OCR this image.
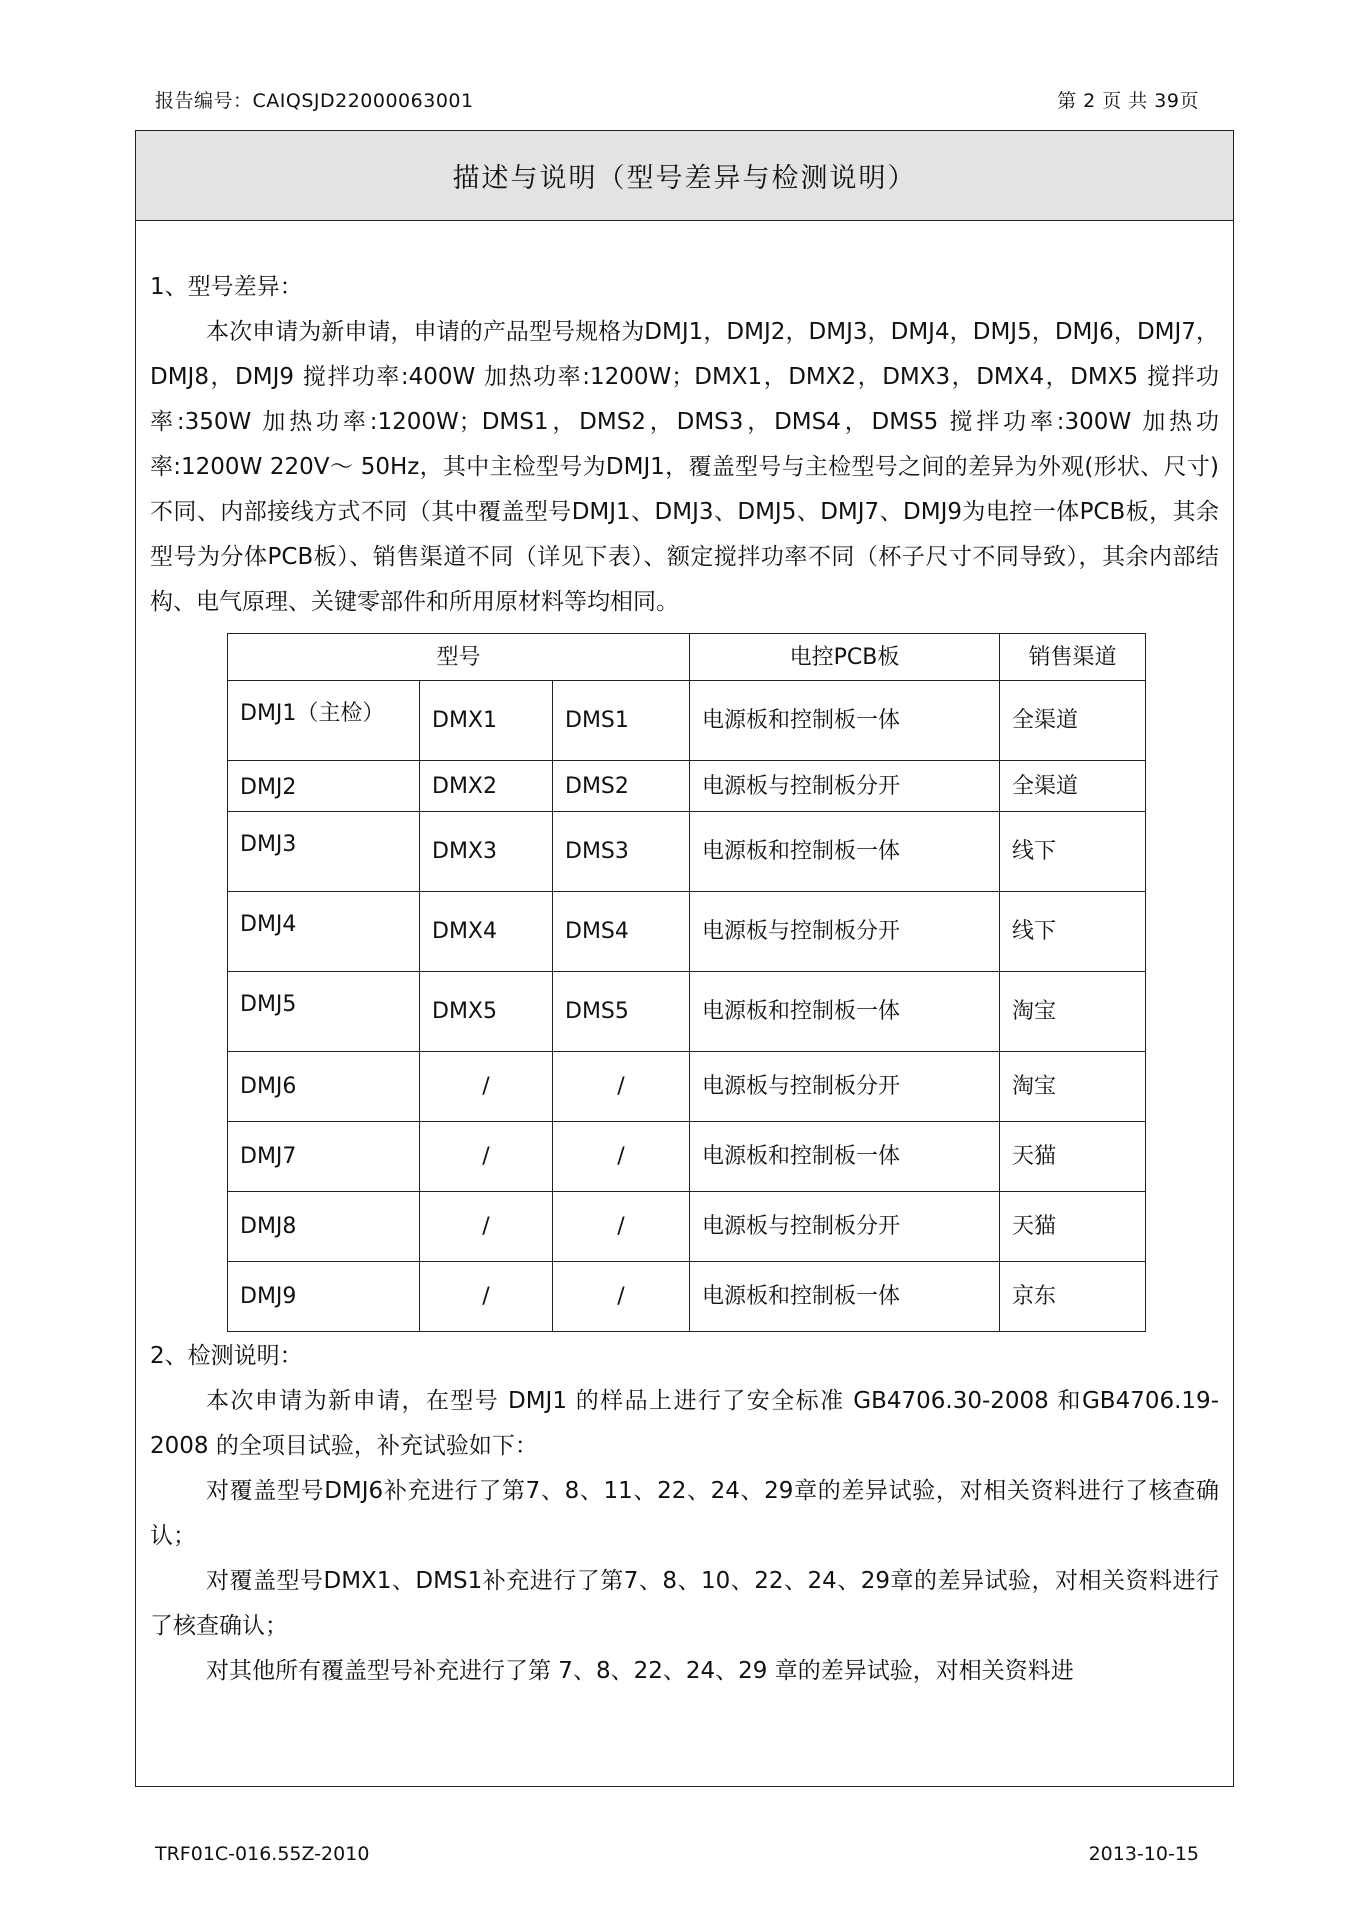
报告编号：CAIQSJD22000063001	第 2 页 共 39页
描述与说明（型号差异与检测说明）

1、型号差异：

本次申请为新申请，申请的产品型号规格为DMJ1，DMJ2，DMJ3，DMJ4，DMJ5，DMJ6，DMJ7，DMJ8，DMJ9 搅拌功率:400W 加热功率:1200W；DMX1，DMX2，DMX3，DMX4，DMX5 搅拌功率:350W 加热功率:1200W；DMS1，DMS2，DMS3，DMS4，DMS5 搅拌功率:300W 加热功率:1200W 220V～ 50Hz，其中主检型号为DMJ1，覆盖型号与主检型号之间的差异为外观(形状、尺寸)不同、内部接线方式不同（其中覆盖型号DMJ1、DMJ3、DMJ5、DMJ7、DMJ9为电控一体PCB板，其余型号为分体PCB板）、销售渠道不同（详见下表）、额定搅拌功率不同（杯子尺寸不同导致），其余内部结构、电气原理、关键零部件和所用原材料等均相同。

型号			电控PCB板	销售渠道
DMJ1（主检）	DMX1	DMS1	电源板和控制板一体	全渠道
DMJ2	DMX2	DMS2	电源板与控制板分开	全渠道
DMJ3	DMX3	DMS3	电源板和控制板一体	线下
DMJ4	DMX4	DMS4	电源板与控制板分开	线下
DMJ5	DMX5	DMS5	电源板和控制板一体	淘宝
DMJ6	/	/	电源板与控制板分开	淘宝
DMJ7	/	/	电源板和控制板一体	天猫
DMJ8	/	/	电源板与控制板分开	天猫
DMJ9	/	/	电源板和控制板一体	京东

2、检测说明：

本次申请为新申请，在型号 DMJ1 的样品上进行了安全标准 GB4706.30-2008 和GB4706.19-2008 的全项目试验，补充试验如下：

对覆盖型号DMJ6补充进行了第7、8、11、22、24、29章的差异试验，对相关资料进行了核查确认；

对覆盖型号DMX1、DMS1补充进行了第7、8、10、22、24、29章的差异试验，对相关资料进行了核查确认；

对其他所有覆盖型号补充进行了第 7、8、22、24、29 章的差异试验，对相关资料进

TRF01C-016.55Z-2010	2013-10-15
